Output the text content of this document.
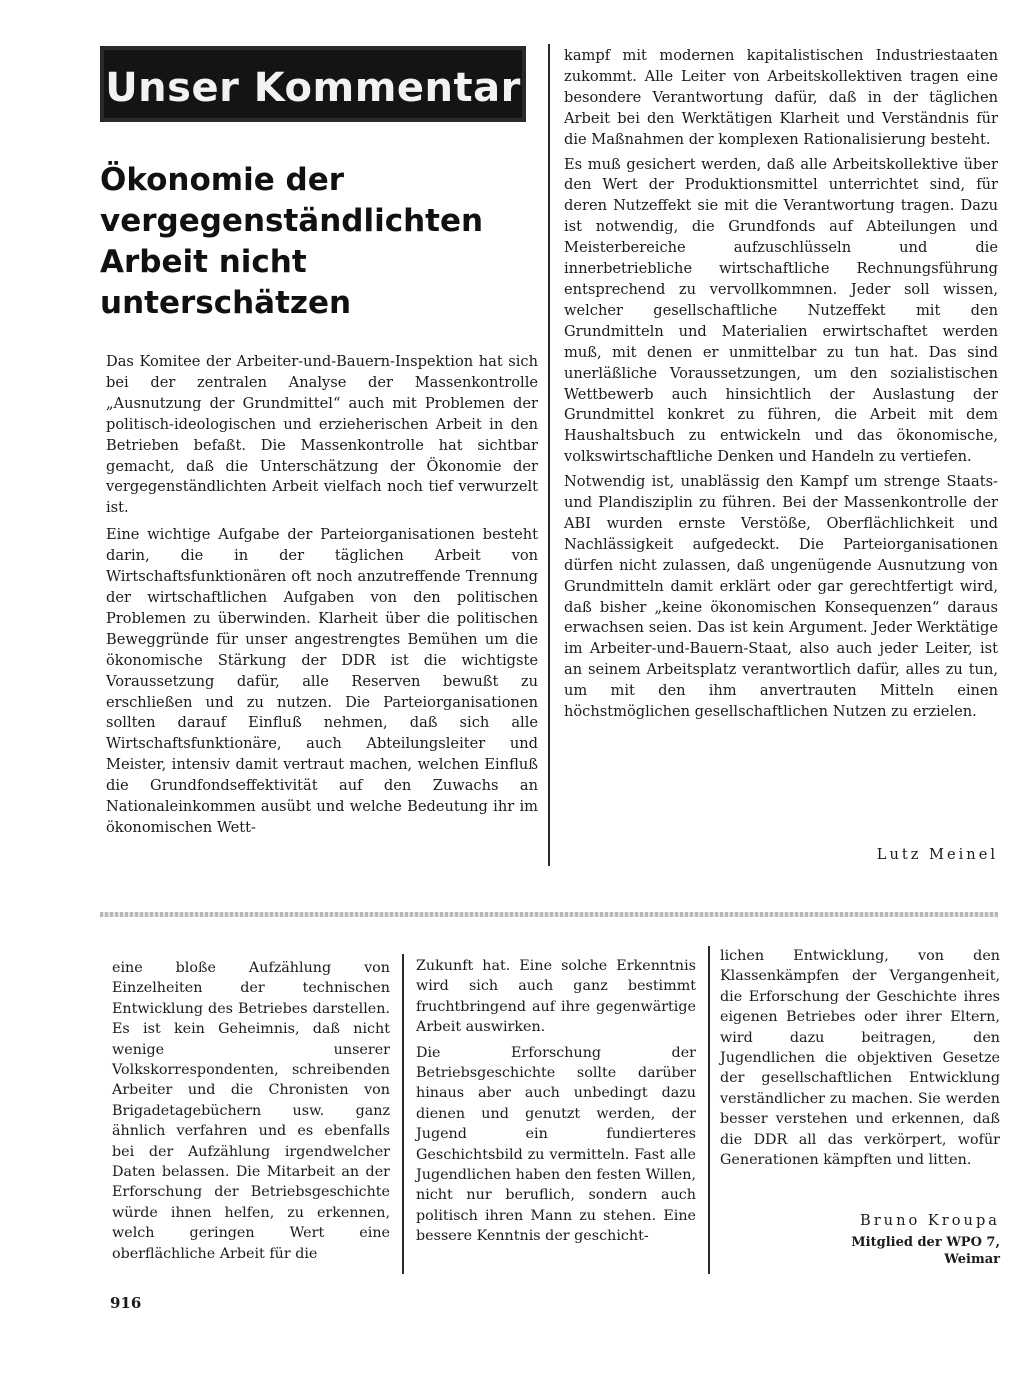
Unser Kommentar
Ökonomie der vergegenständlichten Arbeit nicht unterschätzen

Das Komitee der Arbeiter-und-Bauern-Inspektion hat sich bei der zentralen Analyse der Massenkontrolle „Ausnutzung der Grundmittel“ auch mit Problemen der politisch-ideologischen und erzieherischen Arbeit in den Betrieben befaßt. Die Massenkontrolle hat sichtbar gemacht, daß die Unterschätzung der Ökonomie der vergegenständlichten Arbeit vielfach noch tief verwurzelt ist.

Eine wichtige Aufgabe der Parteiorganisationen besteht darin, die in der täglichen Arbeit von Wirtschaftsfunktionären oft noch anzutreffende Trennung der wirtschaftlichen Aufgaben von den politischen Problemen zu überwinden. Klarheit über die politischen Beweggründe für unser angestrengtes Bemühen um die ökonomische Stärkung der DDR ist die wichtigste Voraussetzung dafür, alle Reserven bewußt zu erschließen und zu nutzen. Die Parteiorganisationen sollten darauf Einfluß nehmen, daß sich alle Wirtschaftsfunktionäre, auch Abteilungsleiter und Meister, intensiv damit vertraut machen, welchen Einfluß die Grundfondseffektivität auf den Zuwachs an Nationaleinkommen ausübt und welche Bedeutung ihr im ökonomischen Wett-

kampf mit modernen kapitalistischen Industriestaaten zukommt. Alle Leiter von Arbeitskollektiven tragen eine besondere Verantwortung dafür, daß in der täglichen Arbeit bei den Werktätigen Klarheit und Verständnis für die Maßnahmen der komplexen Rationalisierung besteht.

Es muß gesichert werden, daß alle Arbeitskollektive über den Wert der Produktionsmittel unterrichtet sind, für deren Nutzeffekt sie mit die Verantwortung tragen. Dazu ist notwendig, die Grundfonds auf Abteilungen und Meisterbereiche aufzuschlüsseln und die innerbetriebliche wirtschaftliche Rechnungsführung entsprechend zu vervollkommnen. Jeder soll wissen, welcher gesellschaftliche Nutzeffekt mit den Grundmitteln und Materialien erwirtschaftet werden muß, mit denen er unmittelbar zu tun hat. Das sind unerläßliche Voraussetzungen, um den sozialistischen Wettbewerb auch hinsichtlich der Auslastung der Grundmittel konkret zu führen, die Arbeit mit dem Haushaltsbuch zu entwickeln und das ökonomische, volkswirtschaftliche Denken und Handeln zu vertiefen.

Notwendig ist, unablässig den Kampf um strenge Staats- und Plandisziplin zu führen. Bei der Massenkontrolle der ABI wurden ernste Verstöße, Oberflächlichkeit und Nachlässigkeit aufgedeckt. Die Parteiorganisationen dürfen nicht zulassen, daß ungenügende Ausnutzung von Grundmitteln damit erklärt oder gar gerechtfertigt wird, daß bisher „keine ökonomischen Konsequenzen“ daraus erwachsen seien. Das ist kein Argument. Jeder Werktätige im Arbeiter-und-Bauern-Staat, also auch jeder Leiter, ist an seinem Arbeitsplatz verantwortlich dafür, alles zu tun, um mit den ihm anvertrauten Mitteln einen höchstmöglichen gesellschaftlichen Nutzen zu erzielen.

Lutz Meinel

eine bloße Aufzählung von Einzelheiten der technischen Entwicklung des Betriebes darstellen. Es ist kein Geheimnis, daß nicht wenige unserer Volkskorrespondenten, schreibenden Arbeiter und die Chronisten von Brigadetagebüchern usw. ganz ähnlich verfahren und es ebenfalls bei der Aufzählung irgendwelcher Daten belassen. Die Mitarbeit an der Erforschung der Betriebsgeschichte würde ihnen helfen, zu erkennen, welch geringen Wert eine oberflächliche Arbeit für die

Zukunft hat. Eine solche Erkenntnis wird sich auch ganz bestimmt fruchtbringend auf ihre gegenwärtige Arbeit auswirken.

Die Erforschung der Betriebsgeschichte sollte darüber hinaus aber auch unbedingt dazu dienen und genutzt werden, der Jugend ein fundierteres Geschichtsbild zu vermitteln. Fast alle Jugendlichen haben den festen Willen, nicht nur beruflich, sondern auch politisch ihren Mann zu stehen. Eine bessere Kenntnis der geschicht-

lichen Entwicklung, von den Klassenkämpfen der Vergangenheit, die Erforschung der Geschichte ihres eigenen Betriebes oder ihrer Eltern, wird dazu beitragen, den Jugendlichen die objektiven Gesetze der gesellschaftlichen Entwicklung verständlicher zu machen. Sie werden besser verstehen und erkennen, daß die DDR all das verkörpert, wofür Generationen kämpften und litten.

Bruno Kroupa
Mitglied der WPO 7,
Weimar
916
